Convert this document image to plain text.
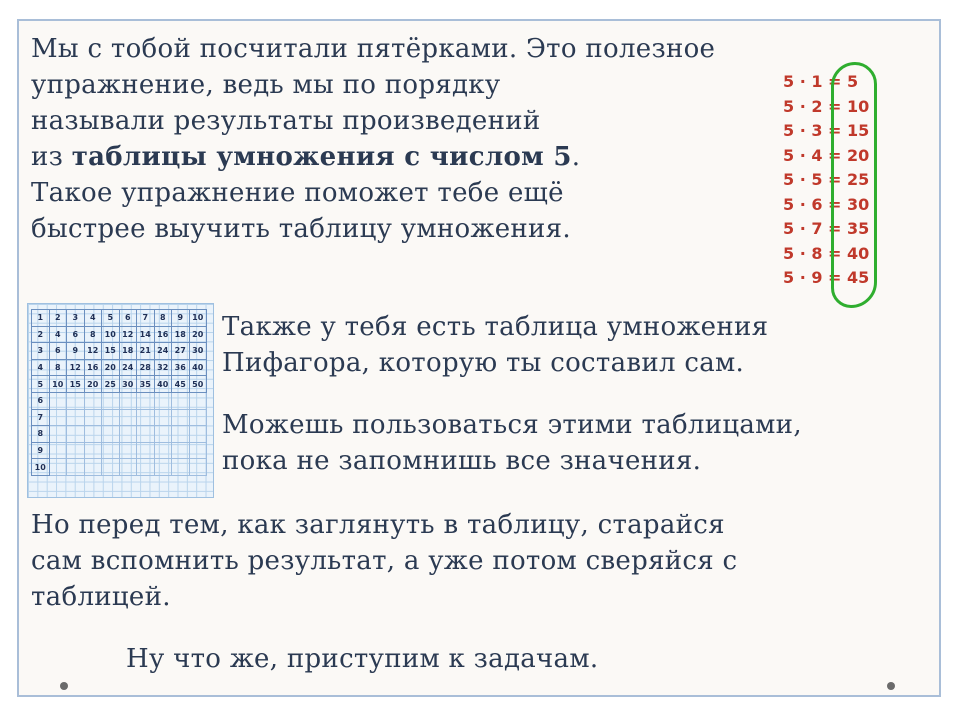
Мы с тобой посчитали пятёрками. Это полезное
упражнение, ведь мы по порядку
называли результаты произведений
из таблицы умножения с числом 5.
Такое упражнение поможет тебе ещё
быстрее выучить таблицу умножения.
5 · 1 = 5
5 · 2 = 10
5 · 3 = 15
5 · 4 = 20
5 · 5 = 25
5 · 6 = 30
5 · 7 = 35
5 · 8 = 40
5 · 9 = 45
1	2	3	4	5	6	7	8	9	10
2	4	6	8	10	12	14	16	18	20
3	6	9	12	15	18	21	24	27	30
4	8	12	16	20	24	28	32	36	40
5	10	15	20	25	30	35	40	45	50
6									
7									
8									
9									
10									
Также у тебя есть таблица умножения
Пифагора, которую ты составил сам.
Можешь пользоваться этими таблицами,
пока не запомнишь все значения.
Но перед тем, как заглянуть в таблицу, старайся
сам вспомнить результат, а уже потом сверяйся с
таблицей.
Ну что же, приступим к задачам.
